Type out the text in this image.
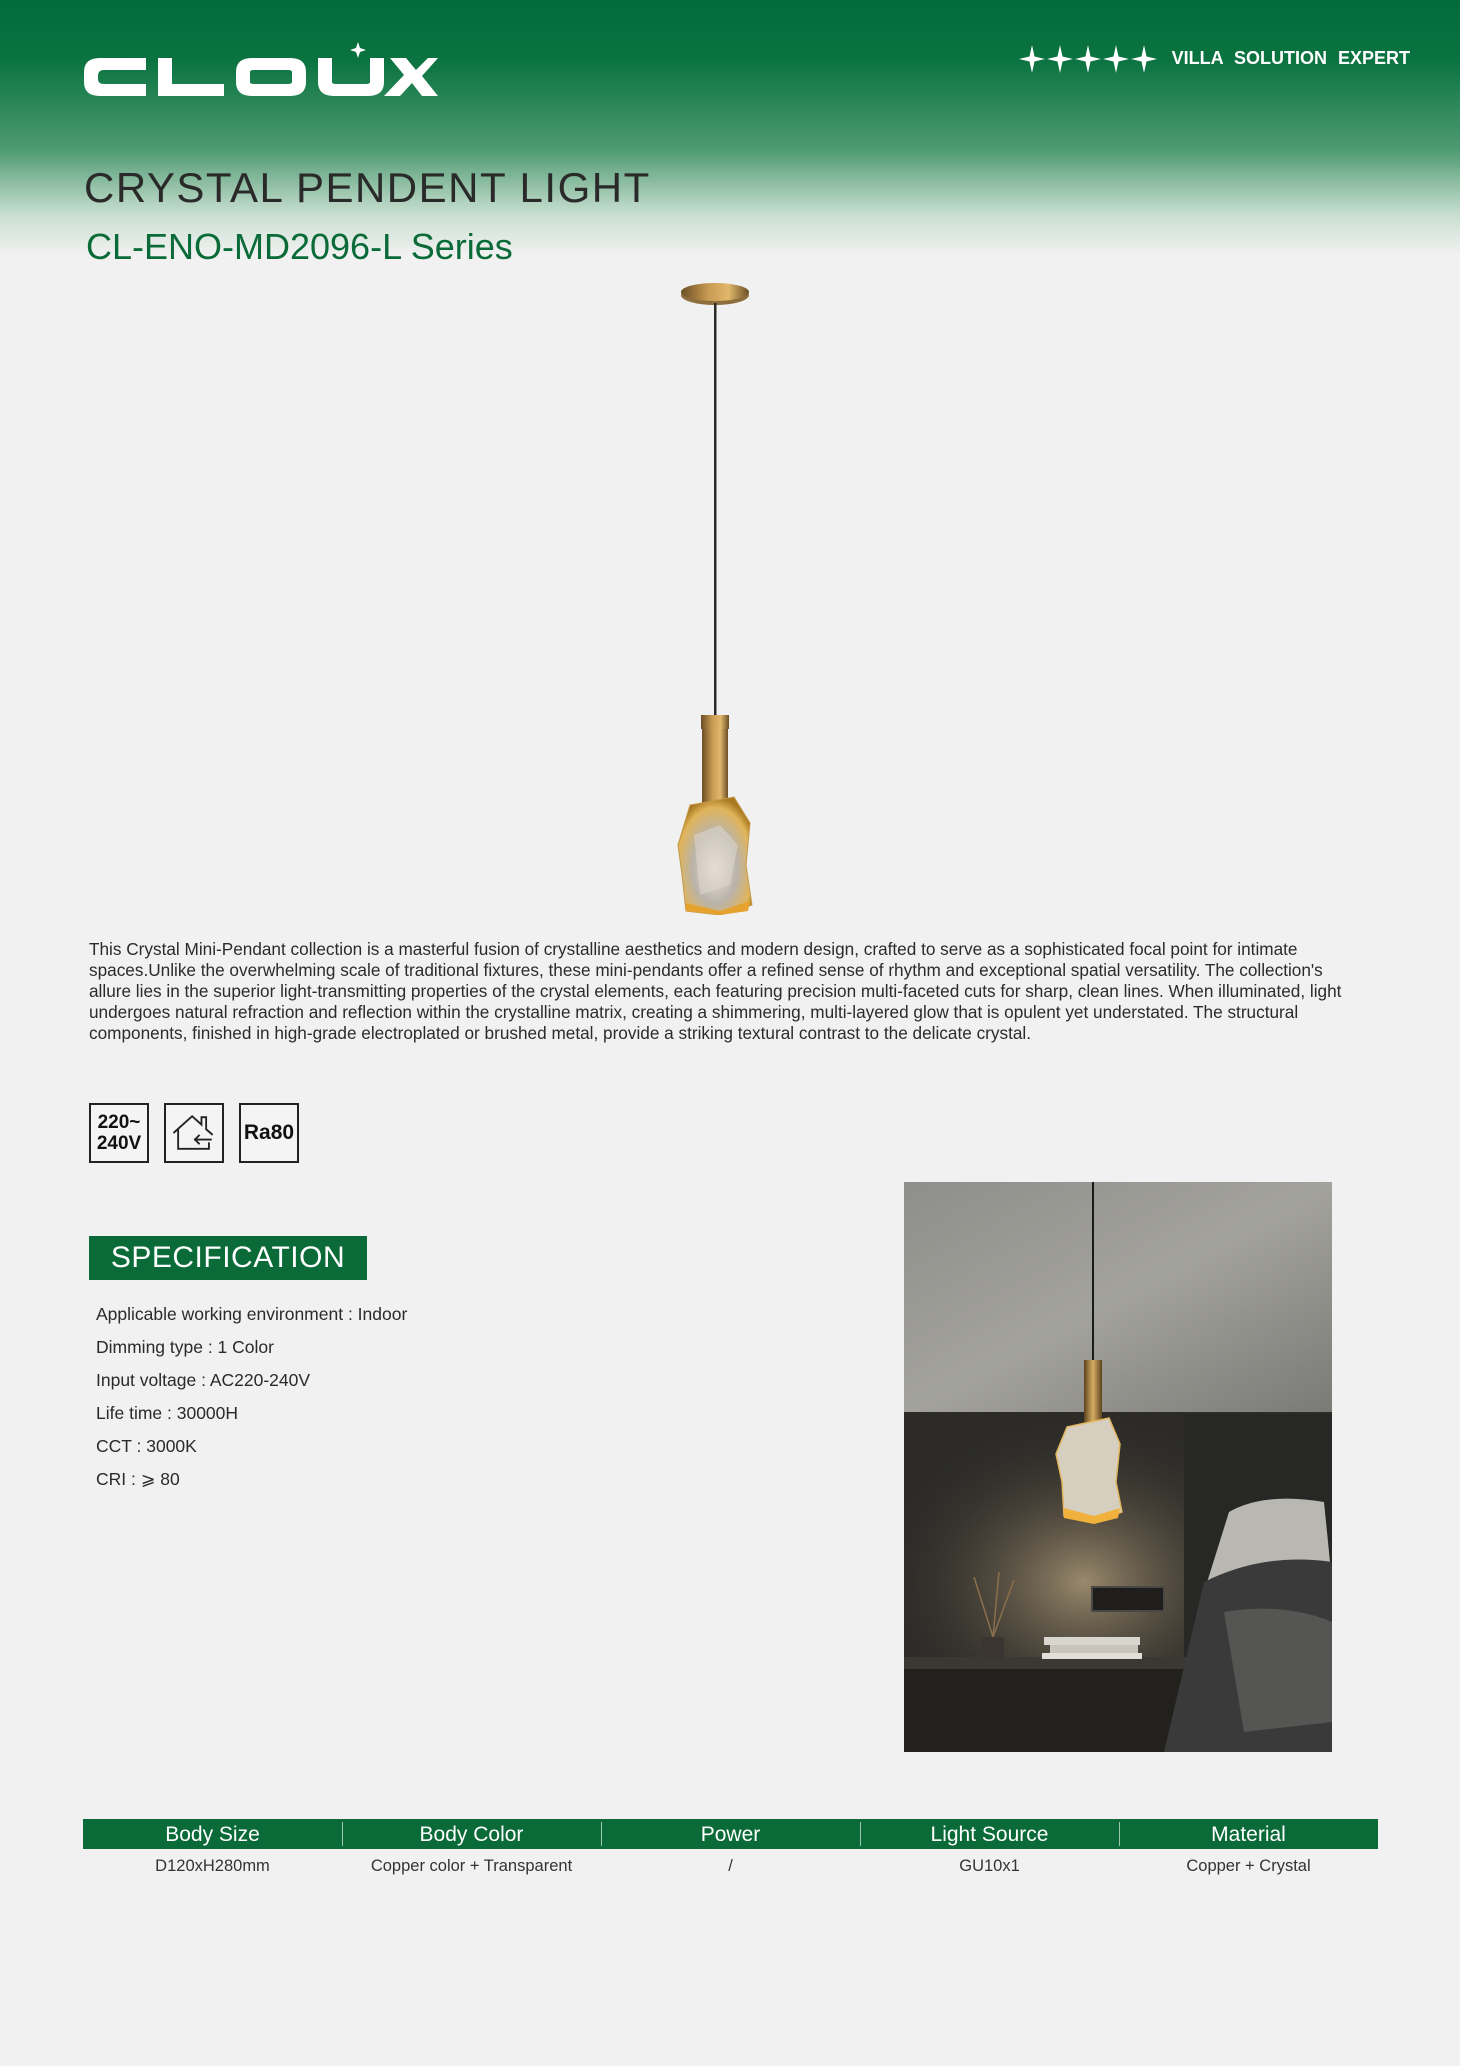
VILLA SOLUTION EXPERT
CRYSTAL PENDENT LIGHT
CL-ENO-MD2096-L Series
This Crystal Mini-Pendant collection is a masterful fusion of crystalline aesthetics and modern design, crafted to serve as a sophisticated focal point for intimate spaces.Unlike the overwhelming scale of traditional fixtures, these mini-pendants offer a refined sense of rhythm and exceptional spatial versatility. The collection's allure lies in the superior light-transmitting properties of the crystal elements, each featuring precision multi-faceted cuts for sharp, clean lines. When illuminated, light undergoes natural refraction and reflection within the crystalline matrix, creating a shimmering, multi-layered glow that is opulent yet understated. The structural components, finished in high-grade electroplated or brushed metal, provide a striking textural contrast to the delicate crystal.
220~
240V	Ra80
SPECIFICATION
Applicable working environment : Indoor
Dimming type : 1 Color
Input voltage : AC220-240V
Life time : 30000H
CCT : 3000K
CRI : ⩾ 80
Body Size	Body Color	Power	Light Source	Material
D120xH280mm	Copper color + Transparent	/	GU10x1	Copper + Crystal
